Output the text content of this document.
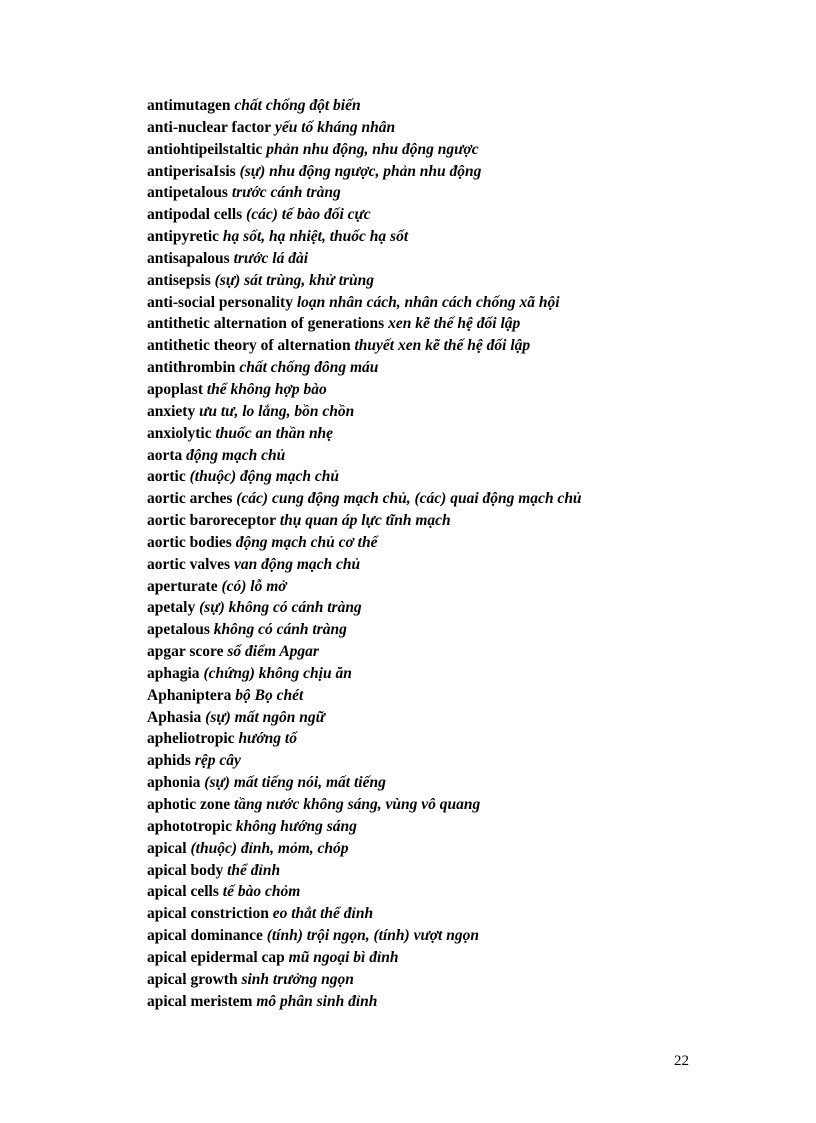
antimutagen chất chống đột biến
anti-nuclear factor yếu tố kháng nhân
antiohtipeilstaltic phản nhu động, nhu động ngược
antiperisaIsis (sự) nhu động ngược, phản nhu động
antipetalous trước cánh tràng
antipodal cells (các) tế bào đối cực
antipyretic hạ sốt, hạ nhiệt, thuốc hạ sốt
antisapalous trước lá đài
antisepsis (sự) sát trùng, khử trùng
anti-social personality loạn nhân cách, nhân cách chống xã hội
antithetic alternation of generations xen kẽ thế hệ đối lập
antithetic theory of alternation thuyết xen kẽ thế hệ đối lập
antithrombin chất chống đông máu
apoplast thể không hợp bào
anxiety ưu tư, lo lắng, bồn chồn
anxiolytic thuốc an thần nhẹ
aorta động mạch chủ
aortic (thuộc) động mạch chủ
aortic arches (các) cung động mạch chủ, (các) quai động mạch chủ
aortic baroreceptor thụ quan áp lực tĩnh mạch
aortic bodies động mạch chủ cơ thể
aortic valves van động mạch chủ
aperturate (có) lỗ mở
apetaly (sự) không có cánh tràng
apetalous không có cánh tràng
apgar score số điểm Apgar
aphagia (chứng) không chịu ăn
Aphaniptera bộ Bọ chét
Aphasia (sự) mất ngôn ngữ
apheliotropic hướng tố
aphids rệp cây
aphonia (sự) mất tiếng nói, mất tiếng
aphotic zone tầng nước không sáng, vùng vô quang
aphototropic không hướng sáng
apical (thuộc) đỉnh, mỏm, chóp
apical body thể đỉnh
apical cells tế bào chỏm
apical constriction eo thắt thể đỉnh
apical dominance (tính) trội ngọn, (tính) vượt ngọn
apical epidermal cap mũ ngoại bì đỉnh
apical growth sinh trưởng ngọn
apical meristem mô phân sinh đỉnh
22
